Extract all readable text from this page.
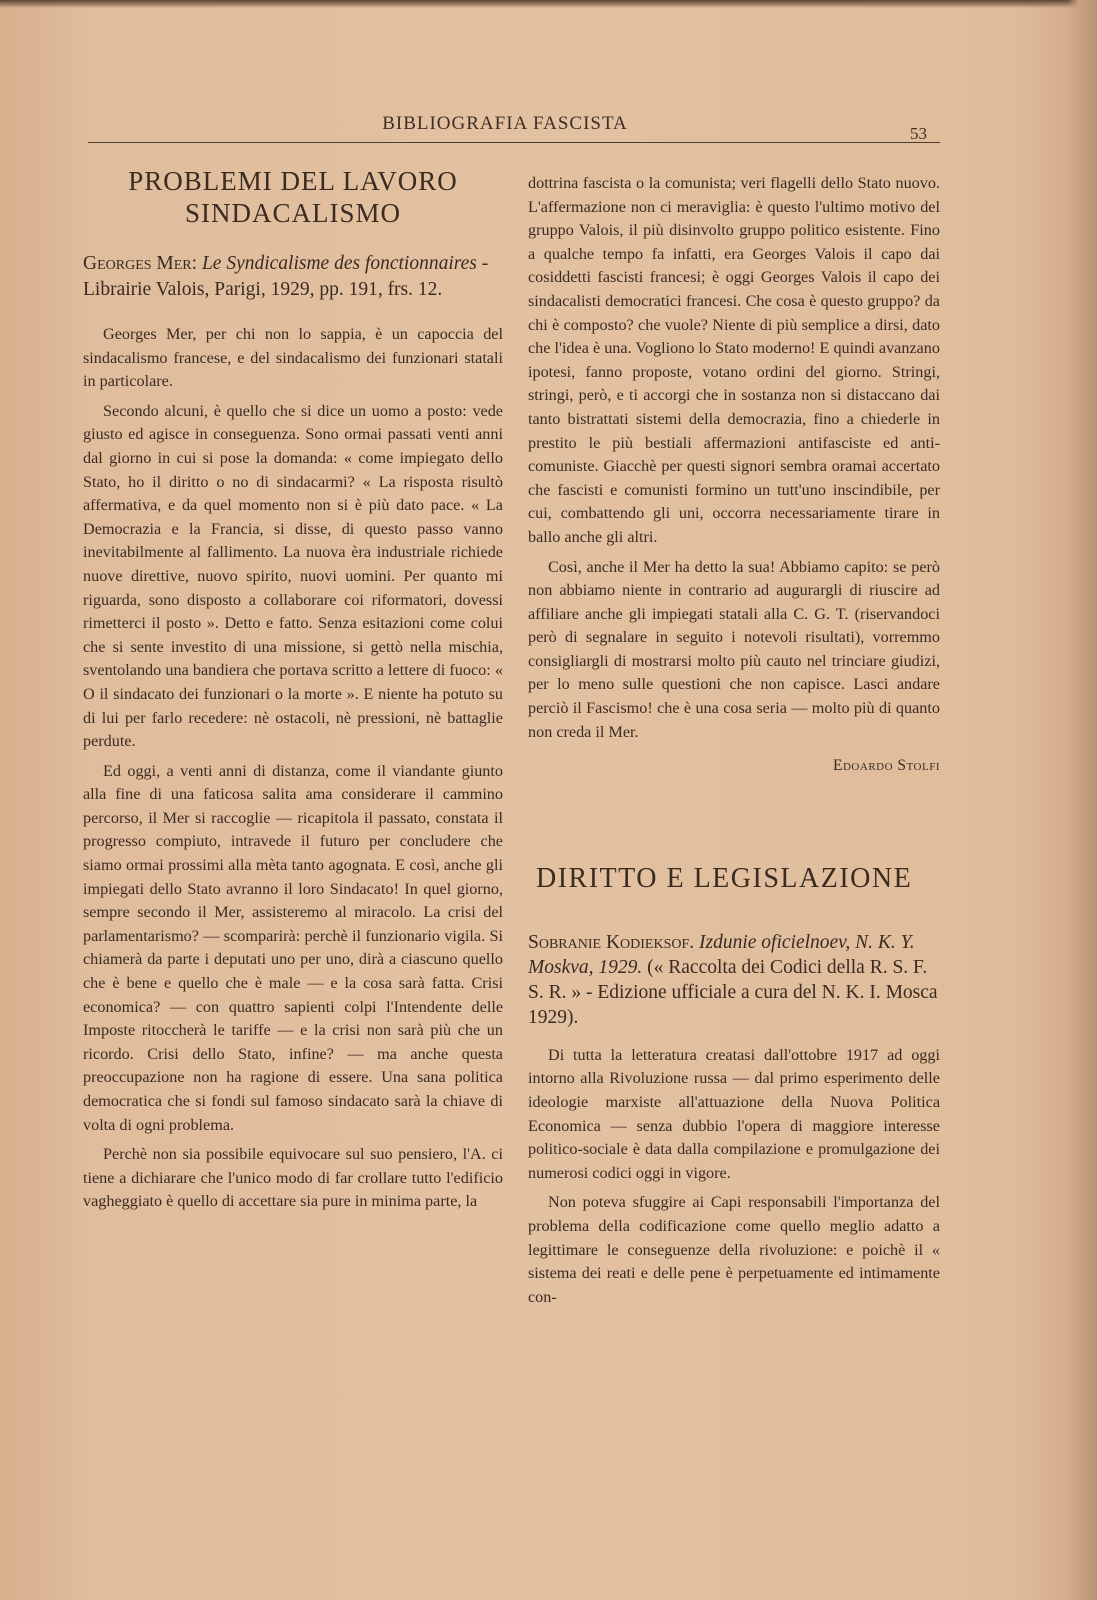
BIBLIOGRAFIA FASCISTA	53
PROBLEMI DEL LAVORO
SINDACALISMO
Georges Mer: Le Syndicalisme des fonctionnaires - Librairie Valois, Parigi, 1929, pp. 191, frs. 12.

Georges Mer, per chi non lo sappia, è un capoccia del sindacalismo francese, e del sindacalismo dei funzionari statali in particolare.

Secondo alcuni, è quello che si dice un uomo a posto: vede giusto ed agisce in conseguenza. Sono ormai passati venti anni dal giorno in cui si pose la domanda: « come impiegato dello Stato, ho il diritto o no di sindacarmi? « La risposta risultò affermativa, e da quel momento non si è più dato pace. « La Democrazia e la Francia, si disse, di questo passo vanno inevitabilmente al fallimento. La nuova èra industriale richiede nuove direttive, nuovo spirito, nuovi uomini. Per quanto mi riguarda, sono disposto a collaborare coi riformatori, dovessi rimetterci il posto ». Detto e fatto. Senza esitazioni come colui che si sente investito di una missione, si gettò nella mischia, sventolando una bandiera che portava scritto a lettere di fuoco: « O il sindacato dei funzionari o la morte ». E niente ha potuto su di lui per farlo recedere: nè ostacoli, nè pressioni, nè battaglie perdute.

Ed oggi, a venti anni di distanza, come il viandante giunto alla fine di una faticosa salita ama considerare il cammino percorso, il Mer si raccoglie — ricapitola il passato, constata il progresso compiuto, intravede il futuro per concludere che siamo ormai prossimi alla mèta tanto agognata. E così, anche gli impiegati dello Stato avranno il loro Sindacato! In quel giorno, sempre secondo il Mer, assisteremo al miracolo. La crisi del parlamentarismo? — scomparirà: perchè il funzionario vigila. Si chiamerà da parte i deputati uno per uno, dirà a ciascuno quello che è bene e quello che è male — e la cosa sarà fatta. Crisi economica? — con quattro sapienti colpi l'Intendente delle Imposte ritoccherà le tariffe — e la crisi non sarà più che un ricordo. Crisi dello Stato, infine? — ma anche questa preoccupazione non ha ragione di essere. Una sana politica democratica che si fondi sul famoso sindacato sarà la chiave di volta di ogni problema.

Perchè non sia possibile equivocare sul suo pensiero, l'A. ci tiene a dichiarare che l'unico modo di far crollare tutto l'edificio vagheggiato è quello di accettare sia pure in minima parte, la

dottrina fascista o la comunista; veri flagelli dello Stato nuovo. L'affermazione non ci meraviglia: è questo l'ultimo motivo del gruppo Valois, il più disinvolto gruppo politico esistente. Fino a qualche tempo fa infatti, era Georges Valois il capo dai cosiddetti fascisti francesi; è oggi Georges Valois il capo dei sindacalisti democratici francesi. Che cosa è questo gruppo? da chi è composto? che vuole? Niente di più semplice a dirsi, dato che l'idea è una. Vogliono lo Stato moderno! E quindi avanzano ipotesi, fanno proposte, votano ordini del giorno. Stringi, stringi, però, e ti accorgi che in sostanza non si distaccano dai tanto bistrattati sistemi della democrazia, fino a chiederle in prestito le più bestiali affermazioni antifasciste ed anti-comuniste. Giacchè per questi signori sembra oramai accertato che fascisti e comunisti formino un tutt'uno inscindibile, per cui, combattendo gli uni, occorra necessariamente tirare in ballo anche gli altri.

Così, anche il Mer ha detto la sua! Abbiamo capito: se però non abbiamo niente in contrario ad augurargli di riuscire ad affiliare anche gli impiegati statali alla C. G. T. (riservandoci però di segnalare in seguito i notevoli risultati), vorremmo consigliargli di mostrarsi molto più cauto nel trinciare giudizi, per lo meno sulle questioni che non capisce. Lasci andare perciò il Fascismo! che è una cosa seria — molto più di quanto non creda il Mer.

Edoardo Stolfi
DIRITTO E LEGISLAZIONE
Sobranie Kodieksof. Izdunie oficielnoev, N. K. Y. Moskva, 1929. (« Raccolta dei Codici della R. S. F. S. R. » - Edizione ufficiale a cura del N. K. I. Mosca 1929).

Di tutta la letteratura creatasi dall'ottobre 1917 ad oggi intorno alla Rivoluzione russa — dal primo esperimento delle ideologie marxiste all'attuazione della Nuova Politica Economica — senza dubbio l'opera di maggiore interesse politico-sociale è data dalla compilazione e promulgazione dei numerosi codici oggi in vigore.

Non poteva sfuggire ai Capi responsabili l'importanza del problema della codificazione come quello meglio adatto a legittimare le conseguenze della rivoluzione: e poichè il « sistema dei reati e delle pene è perpetuamente ed intimamente con-
